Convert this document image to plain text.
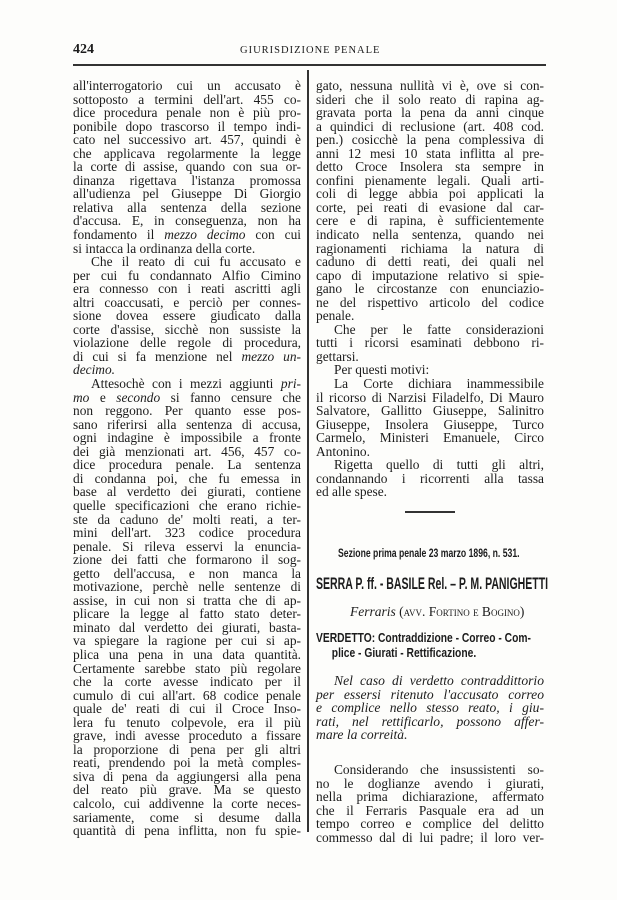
424	GIURISDIZIONE PENALE
all'interrogatorio cui un accusato è
sottoposto a termini dell'art. 455 co-
dice procedura penale non è più pro-
ponibile dopo trascorso il tempo indi-
cato nel successivo art. 457, quindi è
che applicava regolarmente la legge
la corte di assise, quando con sua or-
dinanza rigettava l'istanza promossa
all'udienza pel Giuseppe Di Giorgio
relativa alla sentenza della sezione
d'accusa. E, in conseguenza, non ha
fondamento il mezzo decimo con cui
si intacca la ordinanza della corte.
Che il reato di cui fu accusato e
per cui fu condannato Alfio Cimino
era connesso con i reati ascritti agli
altri coaccusati, e perciò per connes-
sione dovea essere giudicato dalla
corte d'assise, sicchè non sussiste la
violazione delle regole di procedura,
di cui si fa menzione nel mezzo un-
decimo.
Attesochè con i mezzi aggiunti pri-
mo e secondo si fanno censure che
non reggono. Per quanto esse pos-
sano riferirsi alla sentenza di accusa,
ogni indagine è impossibile a fronte
dei già menzionati art. 456, 457 co-
dice procedura penale. La sentenza
di condanna poi, che fu emessa in
base al verdetto dei giurati, contiene
quelle specificazioni che erano richie-
ste da caduno de' molti reati, a ter-
mini dell'art. 323 codice procedura
penale. Si rileva esservi la enuncia-
zione dei fatti che formarono il sog-
getto dell'accusa, e non manca la
motivazione, perchè nelle sentenze di
assise, in cui non si tratta che di ap-
plicare la legge al fatto stato deter-
minato dal verdetto dei giurati, basta-
va spiegare la ragione per cui si ap-
plica una pena in una data quantità.
Certamente sarebbe stato più regolare
che la corte avesse indicato per il
cumulo di cui all'art. 68 codice penale
quale de' reati di cui il Croce Inso-
lera fu tenuto colpevole, era il più
grave, indi avesse proceduto a fissare
la proporzione di pena per gli altri
reati, prendendo poi la metà comples-
siva di pena da aggiungersi alla pena
del reato più grave. Ma se questo
calcolo, cui addivenne la corte neces-
sariamente, come si desume dalla
quantità di pena inflitta, non fu spie-
gato, nessuna nullità vi è, ove si con-
sideri che il solo reato di rapina ag-
gravata porta la pena da anni cinque
a quindici di reclusione (art. 408 cod.
pen.) cosicchè la pena complessiva di
anni 12 mesi 10 stata inflitta al pre-
detto Croce Insolera sta sempre in
confini pienamente legali. Quali arti-
coli di legge abbia poi applicati la
corte, pei reati di evasione dal car-
cere e di rapina, è sufficientemente
indicato nella sentenza, quando nei
ragionamenti richiama la natura di
caduno di detti reati, dei quali nel
capo di imputazione relativo si spie-
gano le circostanze con enunciazio-
ne del rispettivo articolo del codice
penale.
Che per le fatte considerazioni
tutti i ricorsi esaminati debbono ri-
gettarsi.
Per questi motivi:
La Corte dichiara inammessibile
il ricorso di Narzisi Filadelfo, Di Mauro
Salvatore, Gallitto Giuseppe, Salinitro
Giuseppe, Insolera Giuseppe, Turco
Carmelo, Ministeri Emanuele, Circo
Antonino.
Rigetta quello di tutti gli altri,
condannando i ricorrenti alla tassa
ed alle spese.
Sezione prima penale 23 marzo 1896, n. 531.
SERRA P. ff. - BASILE Rel. – P. M. PANIGHETTI
Ferraris (avv. Fortino e Bogino)
VERDETTO: Contraddizione - Correo - Com-
plice - Giurati - Rettificazione.
Nel caso di verdetto contraddittorio
per essersi ritenuto l'accusato correo
e complice nello stesso reato, i giu-
rati, nel rettificarlo, possono affer-
mare la correità.
Considerando che insussistenti so-
no le doglianze avendo i giurati,
nella prima dichiarazione, affermato
che il Ferraris Pasquale era ad un
tempo correo e complice del delitto
commesso dal di lui padre; il loro ver-
